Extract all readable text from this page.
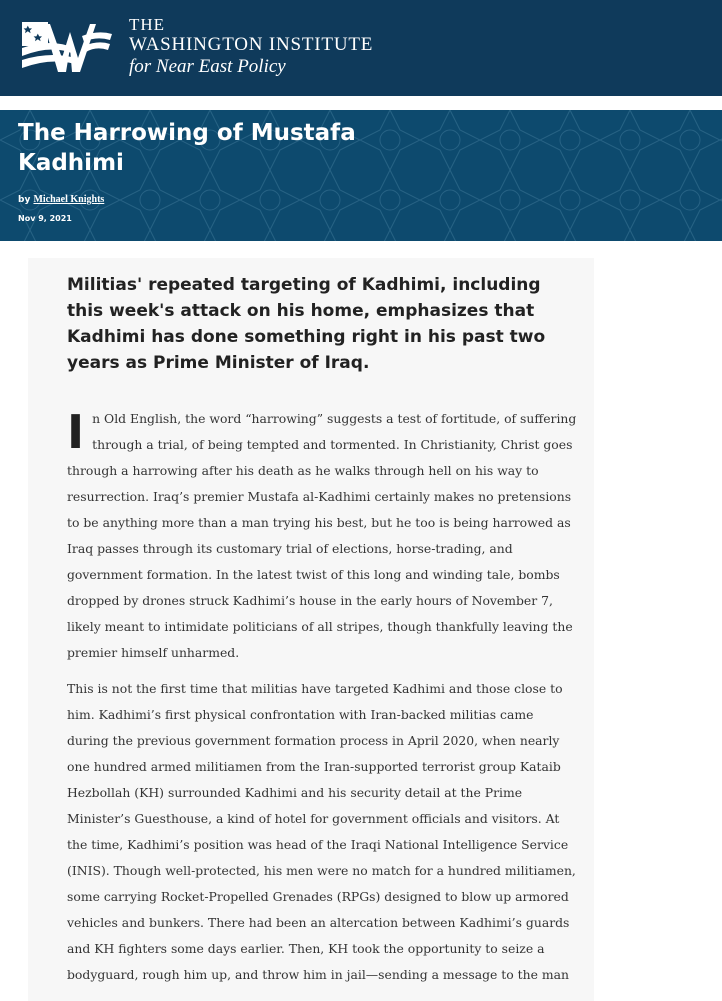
THE
WASHINGTON INSTITUTE
for Near East Policy
The Harrowing of Mustafa Kadhimi
by Michael Knights
Nov 9, 2021
Militias' repeated targeting of Kadhimi, including this week's attack on his home, emphasizes that Kadhimi has done something right in his past two years as Prime Minister of Iraq.

I n Old English, the word “harrowing” suggests a test of fortitude, of suffering through a trial, of being tempted and tormented. In Christianity, Christ goes through a harrowing after his death as he walks through hell on his way to resurrection. Iraq’s premier Mustafa al-Kadhimi certainly makes no pretensions to be anything more than a man trying his best, but he too is being harrowed as Iraq passes through its customary trial of elections, horse-trading, and government formation. In the latest twist of this long and winding tale, bombs dropped by drones struck Kadhimi’s house in the early hours of November 7, likely meant to intimidate politicians of all stripes, though thankfully leaving the premier himself unharmed.

This is not the first time that militias have targeted Kadhimi and those close to him. Kadhimi’s first physical confrontation with Iran-backed militias came during the previous government formation process in April 2020, when nearly one hundred armed militiamen from the Iran-supported terrorist group Kataib Hezbollah (KH) surrounded Kadhimi and his security detail at the Prime Minister’s Guesthouse, a kind of hotel for government officials and visitors. At the time, Kadhimi’s position was head of the Iraqi National Intelligence Service (INIS). Though well-protected, his men were no match for a hundred militiamen, some carrying Rocket-Propelled Grenades (RPGs) designed to blow up armored vehicles and bunkers. There had been an altercation between Kadhimi’s guards and KH fighters some days earlier. Then, KH took the opportunity to seize a bodyguard, rough him up, and throw him in jail—sending a message to the man
